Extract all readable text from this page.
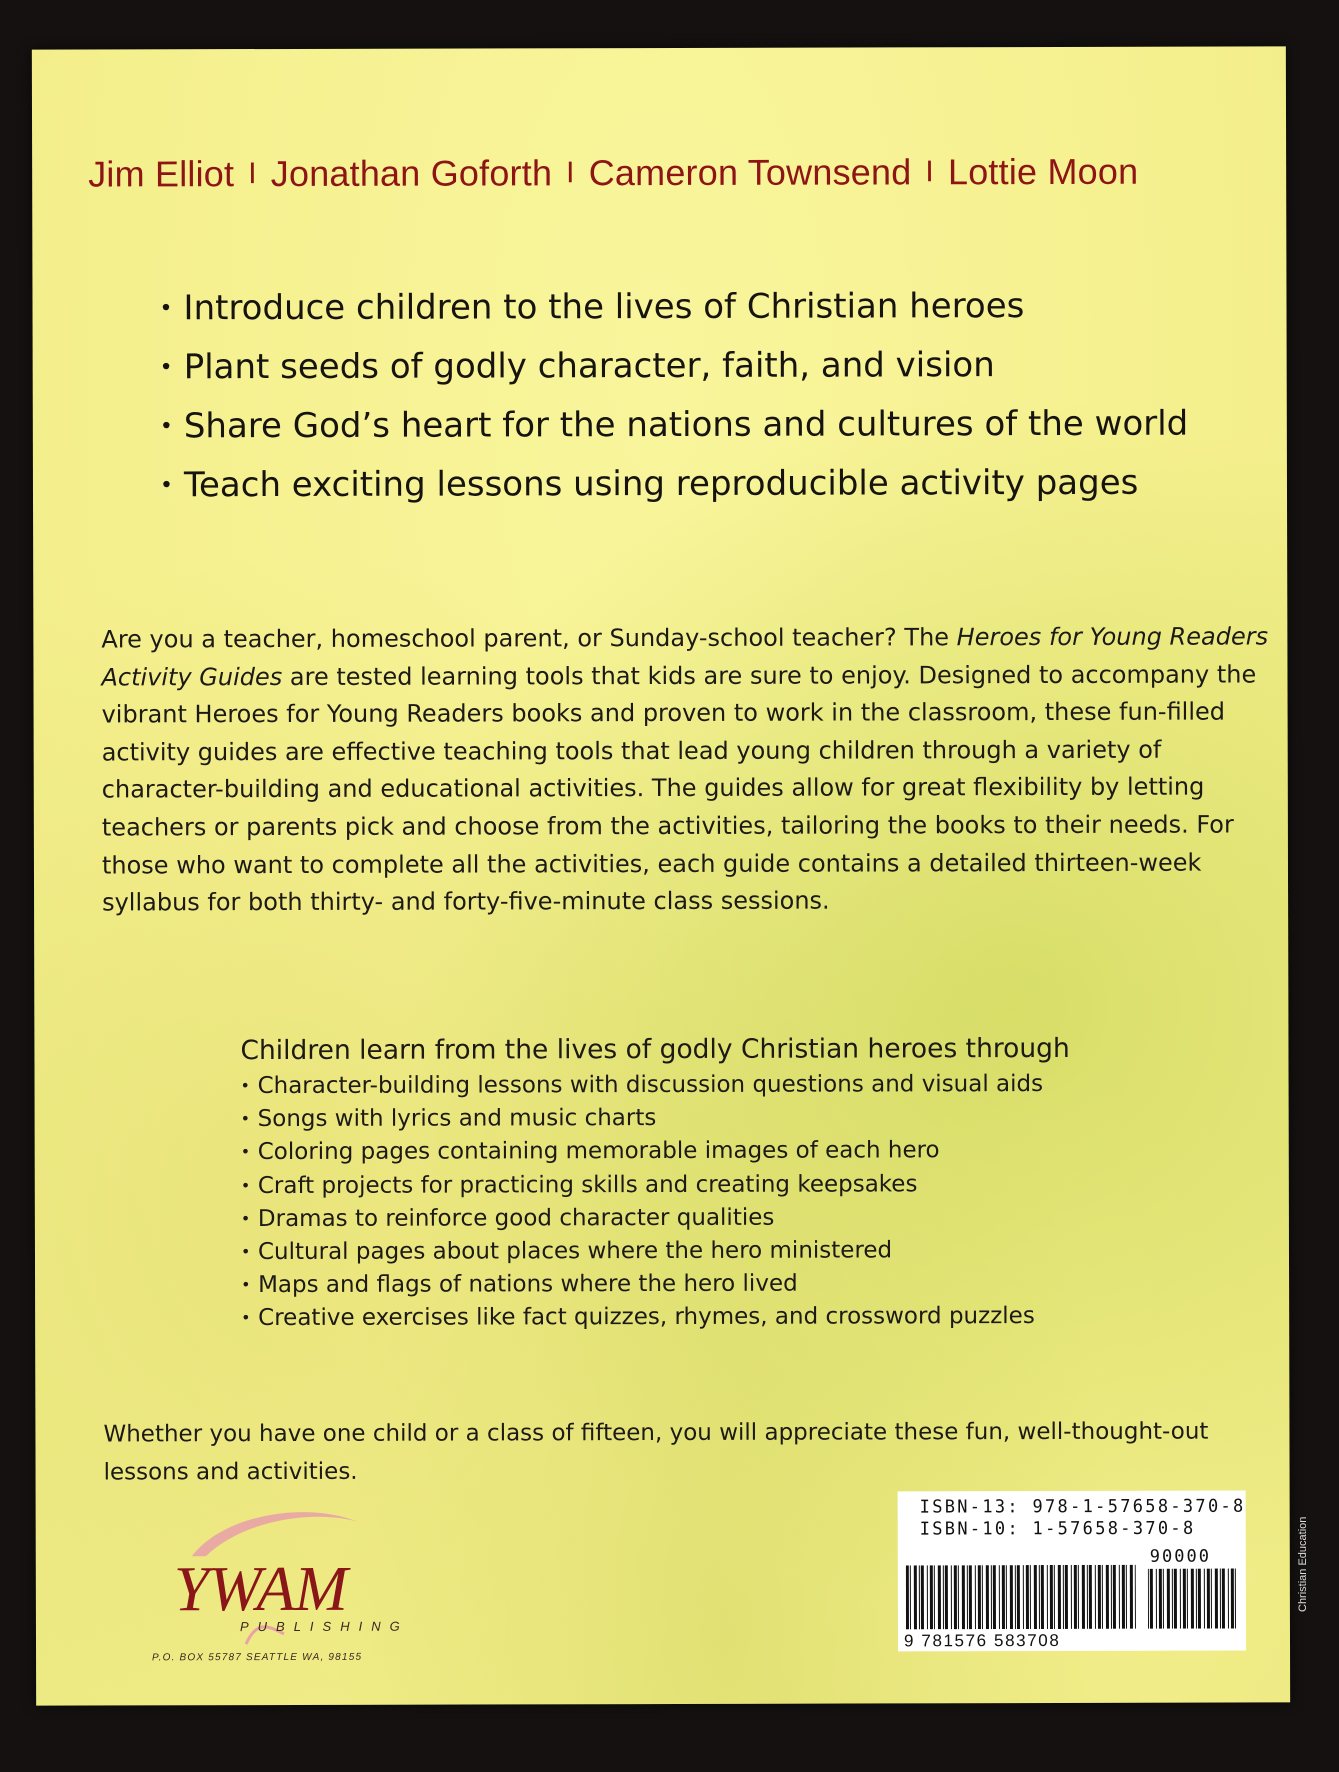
Jim Elliot I Jonathan Goforth I Cameron Townsend I Lottie Moon
• Introduce children to the lives of Christian heroes
• Plant seeds of godly character, faith, and vision
• Share God’s heart for the nations and cultures of the world
• Teach exciting lessons using reproducible activity pages

Are you a teacher, homeschool parent, or Sunday-school teacher? The Heroes for Young Readers Activity Guides are tested learning tools that kids are sure to enjoy. Designed to accompany the vibrant Heroes for Young Readers books and proven to work in the classroom, these fun-filled activity guides are effective teaching tools that lead young children through a variety of character-building and educational activities. The guides allow for great flexibility by letting teachers or parents pick and choose from the activities, tailoring the books to their needs. For those who want to complete all the activities, each guide contains a detailed thirteen-week syllabus for both thirty- and forty-five-minute class sessions.

Children learn from the lives of godly Christian heroes through
• Character-building lessons with discussion questions and visual aids
• Songs with lyrics and music charts
• Coloring pages containing memorable images of each hero
• Craft projects for practicing skills and creating keepsakes
• Dramas to reinforce good character qualities
• Cultural pages about places where the hero ministered
• Maps and flags of nations where the hero lived
• Creative exercises like fact quizzes, rhymes, and crossword puzzles
Whether you have one child or a class of fifteen, you will appreciate these fun, well-thought-out lessons and activities.
YWAM
PUBLISHING
P.O. BOX 55787 SEATTLE WA, 98155
ISBN-13: 978-1-57658-370-8
ISBN-10: 1-57658-370-8
90000
9 781576 583708
Christian Education
